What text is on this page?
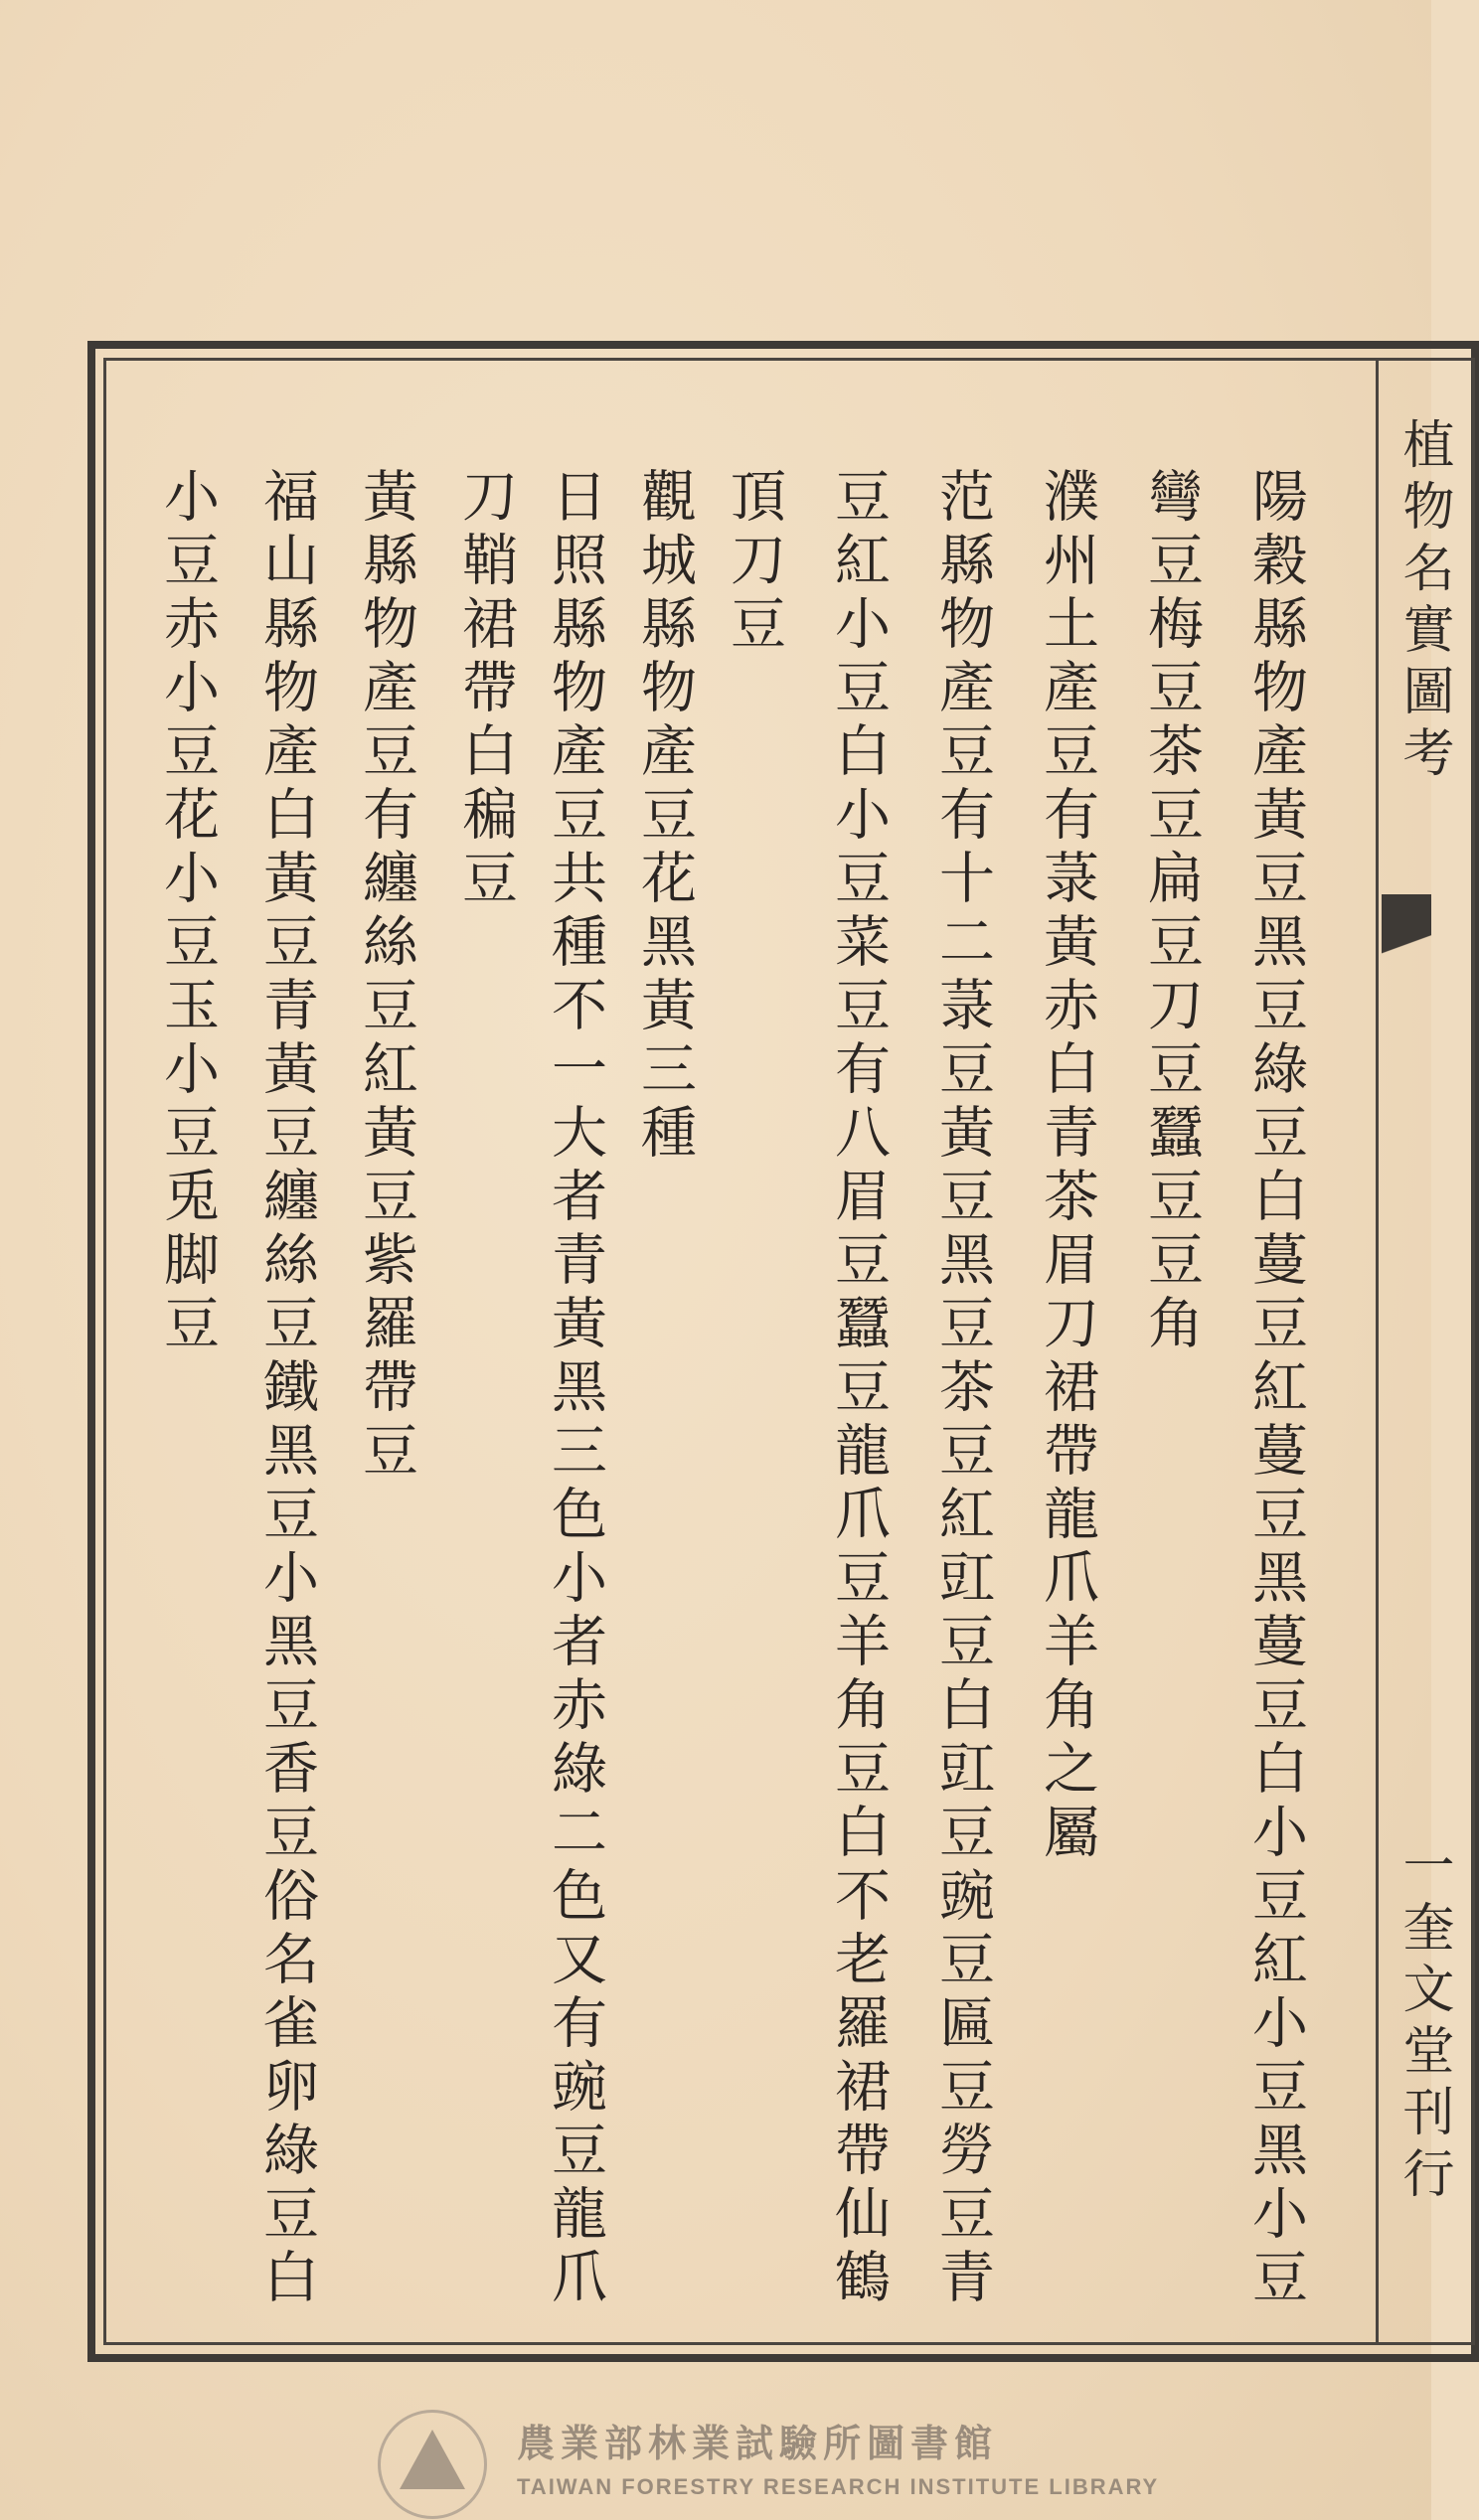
植物名實圖考
一奎文堂刊行
陽穀縣物產黃豆黑豆綠豆白蔓豆紅蔓豆黑蔓豆白小豆紅小豆黑小豆
彎豆梅豆茶豆扁豆刀豆蠶豆豆角
濮州土產豆有菉黃赤白青茶眉刀裙帶龍爪羊角之屬
范縣物產豆有十二菉豆黃豆黑豆茶豆紅豇豆白豇豆豌豆匾豆勞豆青
豆紅小豆白小豆菜豆有八眉豆蠶豆龍爪豆羊角豆白不老羅裙帶仙鶴
頂刀豆
觀城縣物產豆花黑黃三種
日照縣物產豆共種不一大者青黃黑三色小者赤綠二色又有豌豆龍爪
刀鞘裙帶白稨豆
黃縣物產豆有纏絲豆紅黃豆紫羅帶豆
福山縣物產白黃豆青黃豆纏絲豆鐵黑豆小黑豆香豆俗名雀卵綠豆白
小豆赤小豆花小豆玉小豆兎脚豆
農業部林業試驗所圖書館
TAIWAN FORESTRY RESEARCH INSTITUTE LIBRARY
